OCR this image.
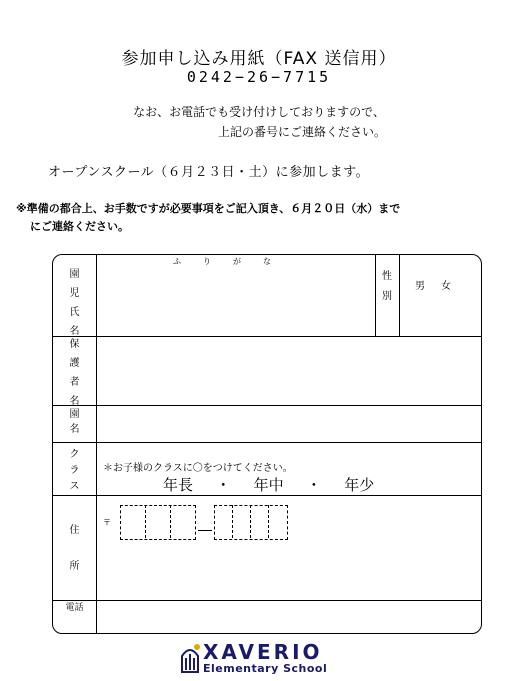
参加申し込み用紙（FAX 送信用）
0242−26−7715
なお、お電話でも受け付けしておりますので、
上記の番号にご連絡ください。
オープンスクール（６月２３日・土）に参加します。
※準備の都合上、お手数ですが必要事項をご記入頂き、６月２０日（水）まで
にご連絡ください。
園
児
氏
名
ふりがな
性
別
男女
保
護
者
名
園
名
ク
ラ
ス
＊お子様のクラスに〇をつけてください。
年長 ・ 年中 ・ 年少
住
所
〒
電話
XAVERIO
Elementary School
